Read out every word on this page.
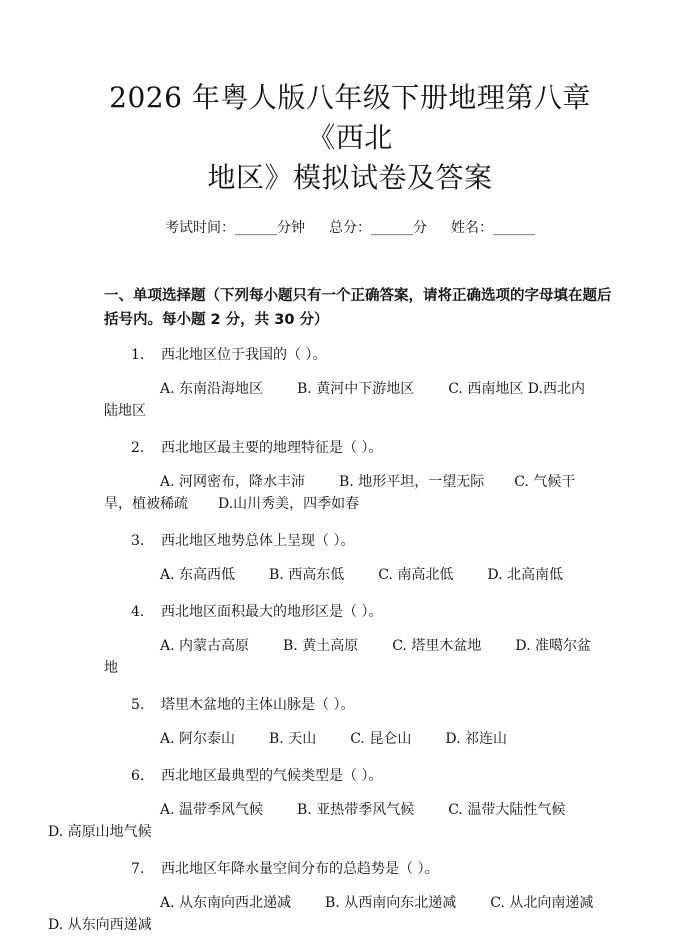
2026 年粤人版八年级下册地理第八章《西北
地区》模拟试卷及答案
考试时间：______分钟 总分：______分 姓名：______
一、单项选择题（下列每小题只有一个正确答案，请将正确选项的字母填在题后
括号内。每小题 2 分，共 30 分）
1. 西北地区位于我国的（ ）。
A. 东南沿海地区 B. 黄河中下游地区 C. 西南地区 D.西北内陆地区
2. 西北地区最主要的地理特征是（ ）。
A. 河网密布，降水丰沛 B. 地形平坦，一望无际 C. 气候干旱，植被稀疏 D.山川秀美，四季如春
3. 西北地区地势总体上呈现（ ）。
A. 东高西低 B. 西高东低 C. 南高北低 D. 北高南低
4. 西北地区面积最大的地形区是（ ）。
A. 内蒙古高原 B. 黄土高原 C. 塔里木盆地 D. 准噶尔盆地
5. 塔里木盆地的主体山脉是（ ）。
A. 阿尔泰山 B. 天山 C. 昆仑山 D. 祁连山
6. 西北地区最典型的气候类型是（ ）。
A. 温带季风气候 B. 亚热带季风气候 C. 温带大陆性气候
D. 高原山地气候
7. 西北地区年降水量空间分布的总趋势是（ ）。
A. 从东南向西北递减 B. 从西南向东北递减 C. 从北向南递减
D. 从东向西递减
